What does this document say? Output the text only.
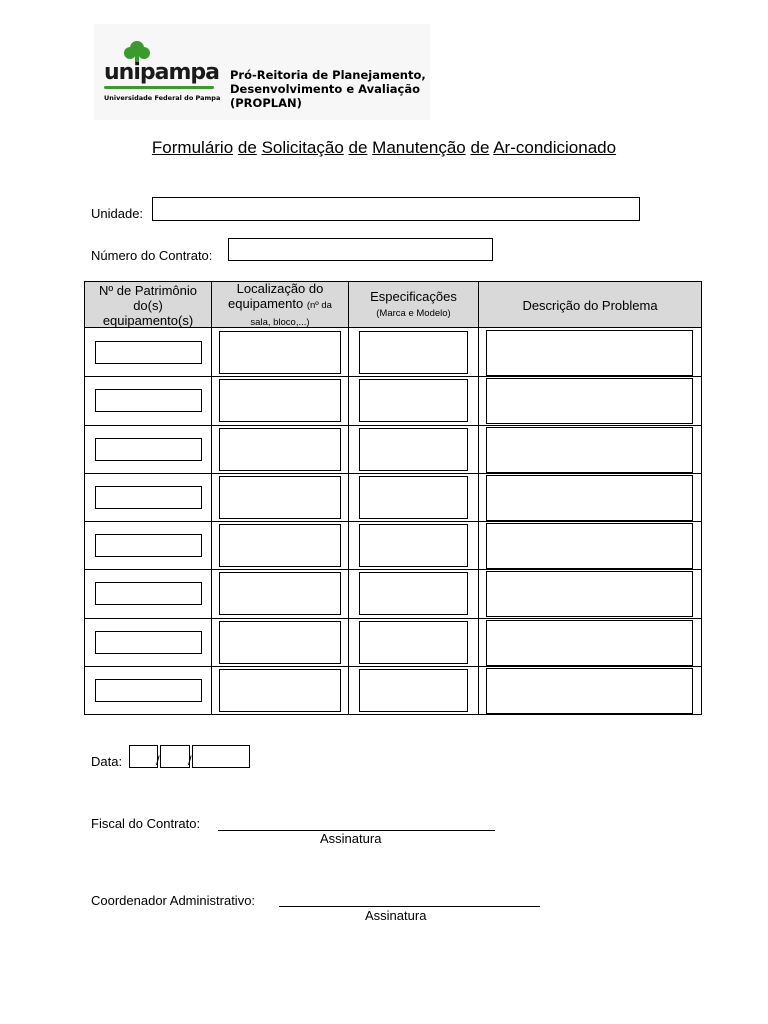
unipampa
Universidade Federal do Pampa
Pró-Reitoria de Planejamento,
Desenvolvimento e Avaliação
(PROPLAN)
Formulário de Solicitação de Manutenção de Ar-condicionado
Unidade:
Número do Contrato:
Nº de Patrimônio
do(s)
equipamento(s)
Localização do
equipamento (nº da
sala, bloco,...)
Especificações
(Marca e Modelo)
Descrição do Problema
Data:	/ /
Fiscal do Contrato:
Assinatura
Coordenador Administrativo:
Assinatura
